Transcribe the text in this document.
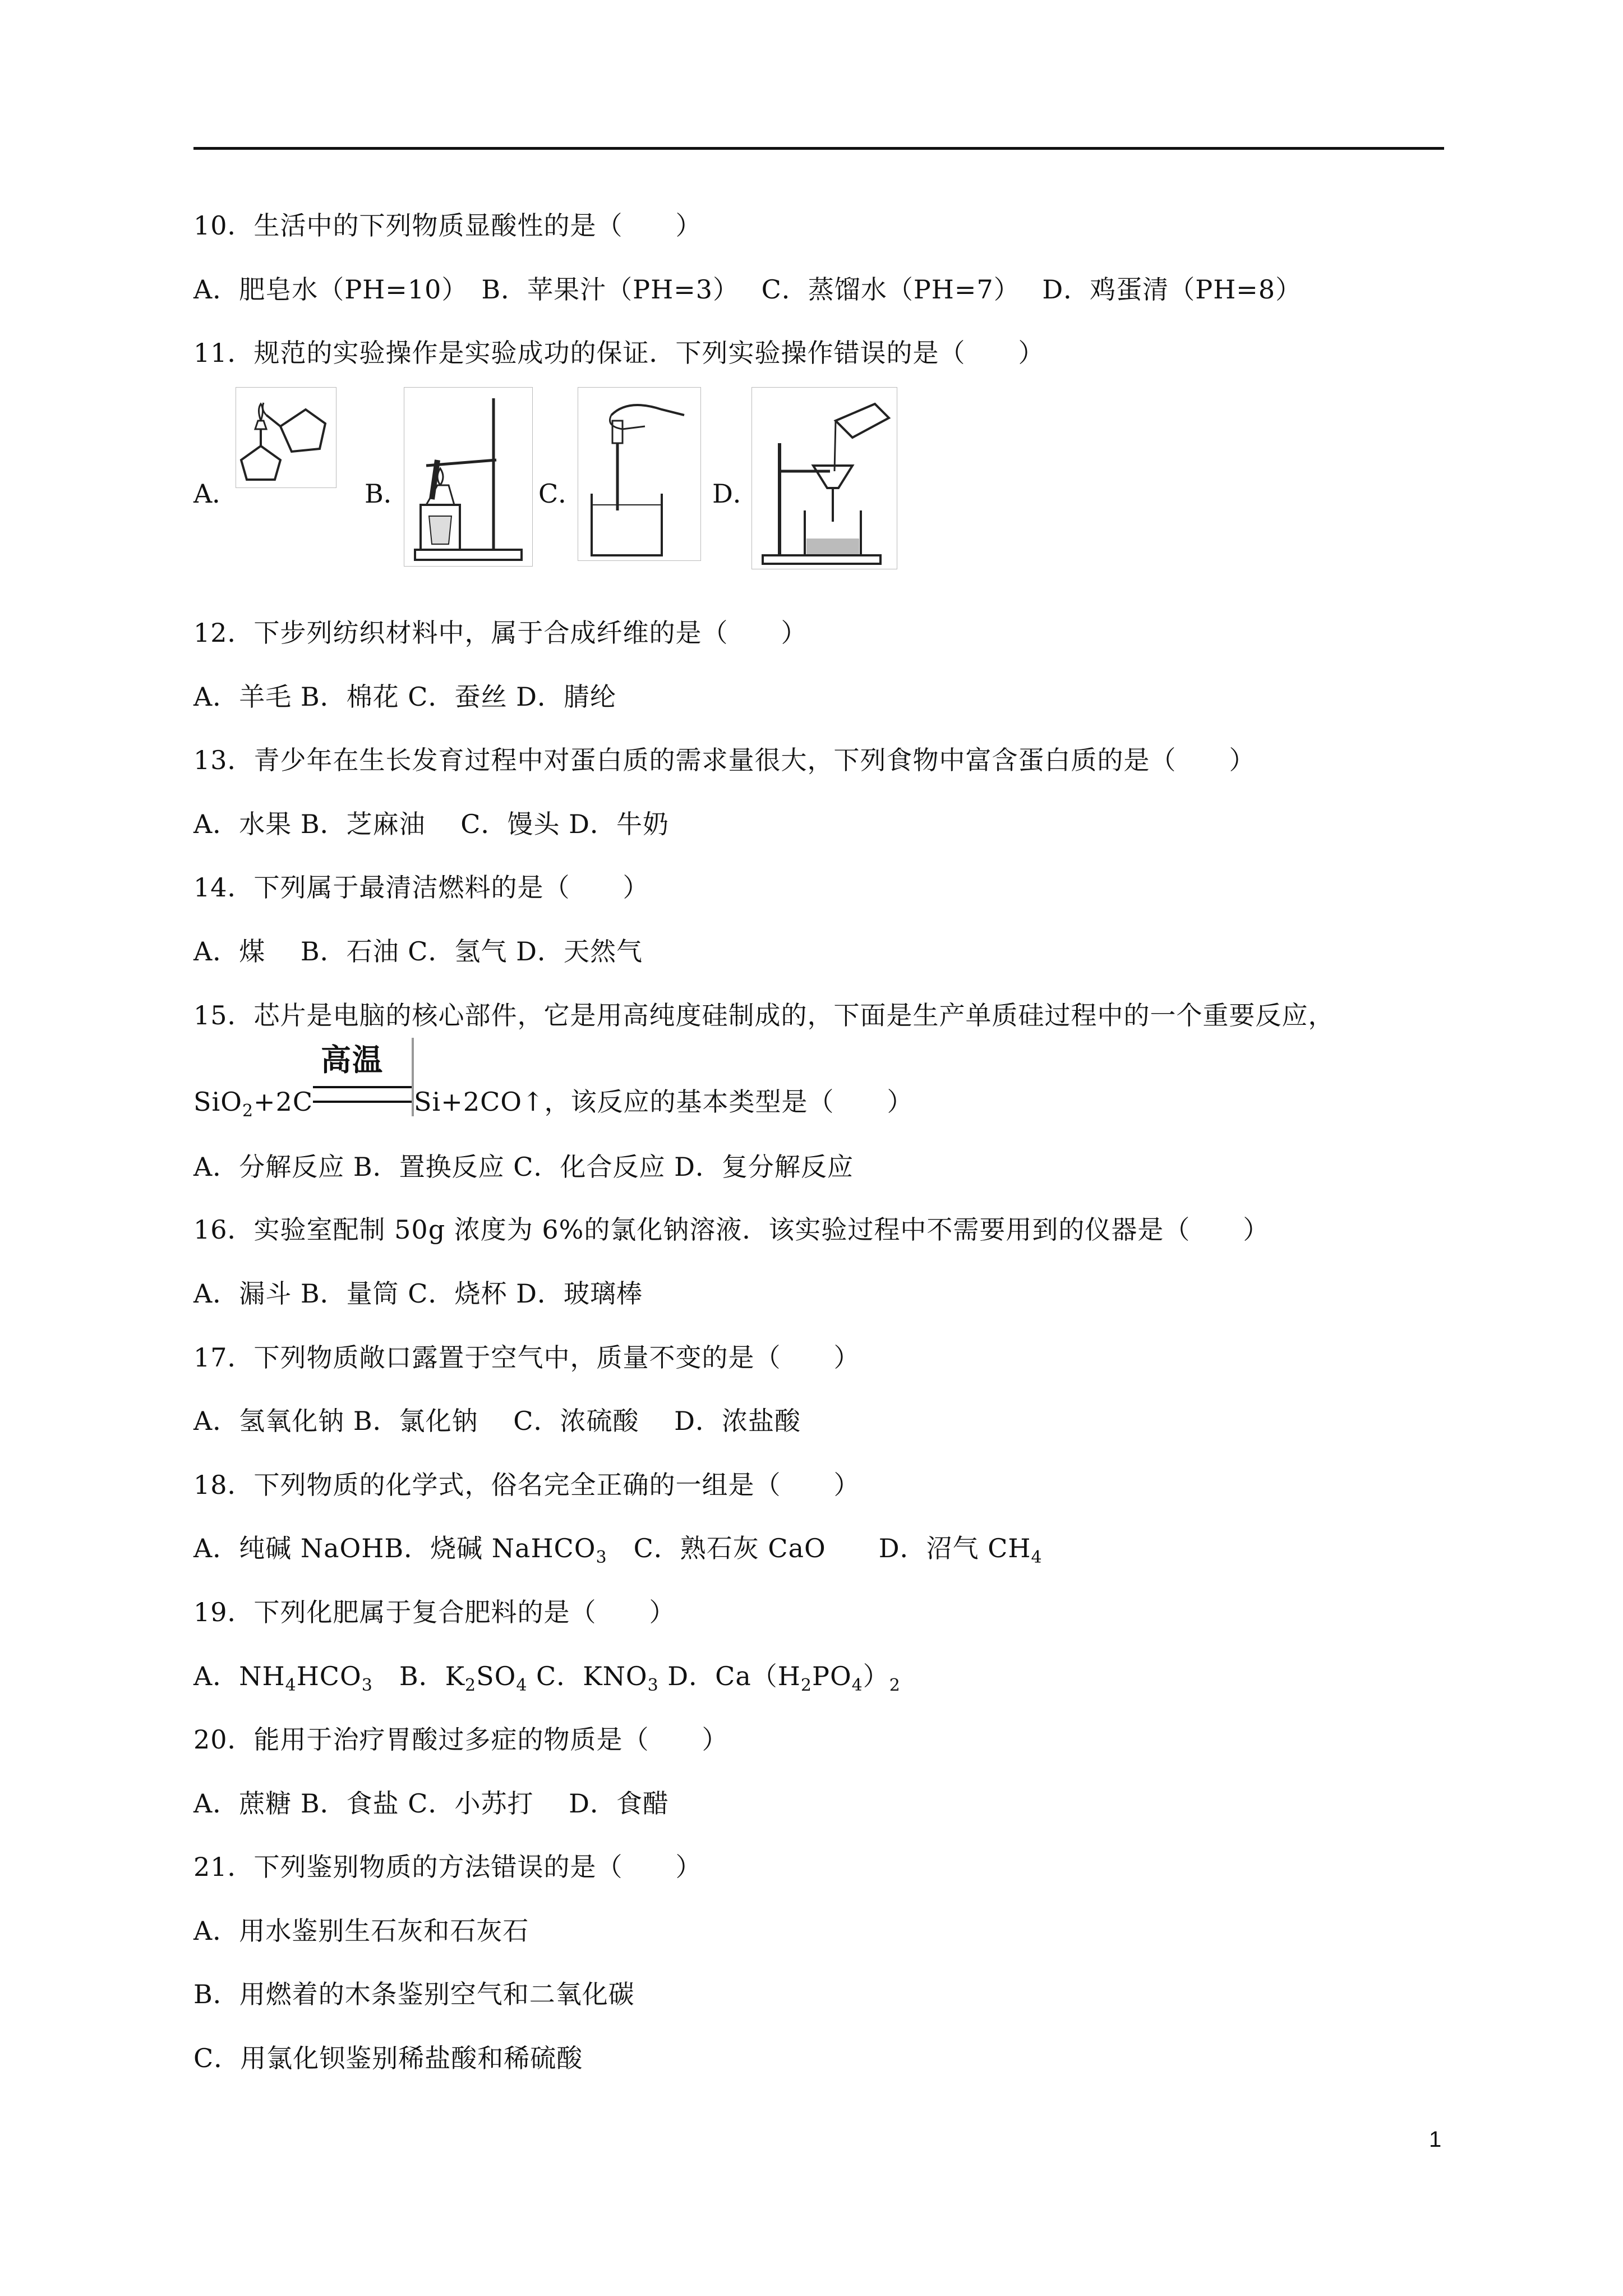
10．生活中的下列物质显酸性的是（　　）
A．肥皂水（PH=10）　B．苹果汁（PH=3）　 C．蒸馏水（PH=7）　 D．鸡蛋清（PH=8）
11．规范的实验操作是实验成功的保证．下列实验操作错误的是（　　）
A．	B．	C．	D．
12．下步列纺织材料中，属于合成纤维的是（　　）
A．羊毛 B．棉花 C．蚕丝 D．腈纶
13．青少年在生长发育过程中对蛋白质的需求量很大，下列食物中富含蛋白质的是（　　）
A．水果 B．芝麻油　 C．馒头 D．牛奶
14．下列属于最清洁燃料的是（　　）
A．煤　 B．石油 C．氢气 D．天然气
15．芯片是电脑的核心部件，它是用高纯度硅制成的，下面是生产单质硅过程中的一个重要反应，
SiO$_2$+2C
高温
Si+2CO↑，该反应的基本类型是（　　）
A．分解反应 B．置换反应 C．化合反应 D．复分解反应
16．实验室配制 50g 浓度为 6%的氯化钠溶液．该实验过程中不需要用到的仪器是（　　）
A．漏斗 B．量筒 C．烧杯 D．玻璃棒
17．下列物质敞口露置于空气中，质量不变的是（　　）
A．氢氧化钠 B．氯化钠　 C．浓硫酸　 D．浓盐酸
18．下列物质的化学式，俗名完全正确的一组是（　　）
A．纯碱 NaOHB．烧碱 NaHCO$_3$　C．熟石灰 CaO　　D．沼气 $CH_4$
19．下列化肥属于复合肥料的是（　　）
A．$NH_4HCO_3$　B．$K_2SO_4$ C．$KNO_3$ D．$Ca(H_2PO_4)_2$
20．能用于治疗胃酸过多症的物质是（　　）
A．蔗糖 B．食盐 C．小苏打　 D．食醋
21．下列鉴别物质的方法错误的是（　　）
A．用水鉴别生石灰和石灰石
B．用燃着的木条鉴别空气和二氧化碳
C．用氯化钡鉴别稀盐酸和稀硫酸
1
